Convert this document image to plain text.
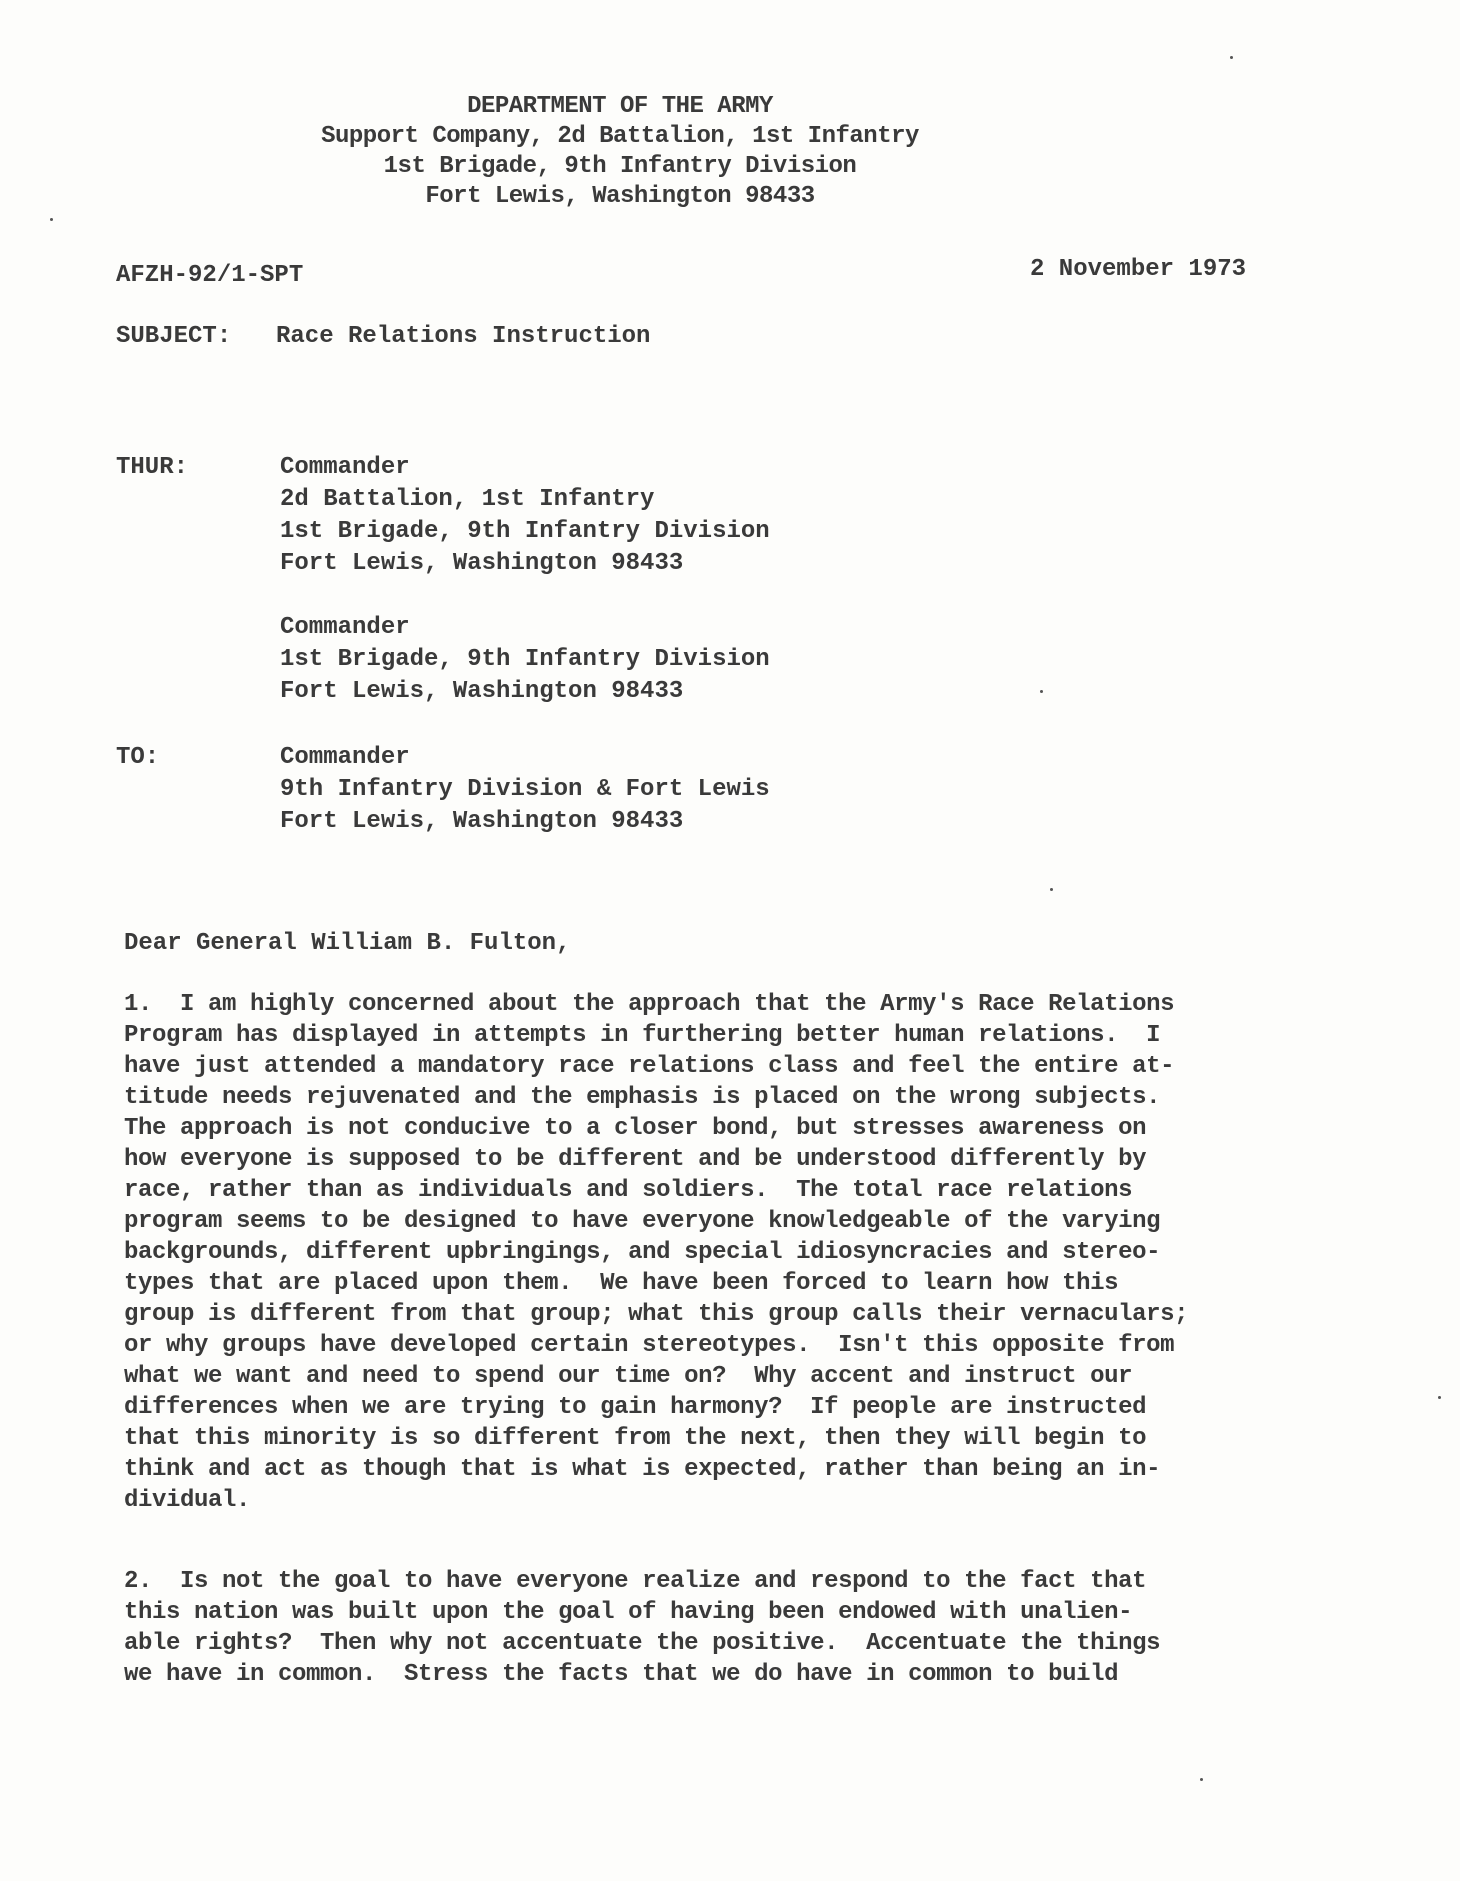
DEPARTMENT OF THE ARMY
Support Company, 2d Battalion, 1st Infantry
1st Brigade, 9th Infantry Division
Fort Lewis, Washington 98433
AFZH-92/1-SPT	2 November 1973
SUBJECT: Race Relations Instruction
THUR:	Commander
2d Battalion, 1st Infantry
1st Brigade, 9th Infantry Division
Fort Lewis, Washington 98433
Commander
1st Brigade, 9th Infantry Division
Fort Lewis, Washington 98433
TO:	Commander
9th Infantry Division & Fort Lewis
Fort Lewis, Washington 98433
Dear General William B. Fulton,
1.  I am highly concerned about the approach that the Army's Race Relations
Program has displayed in attempts in furthering better human relations.  I
have just attended a mandatory race relations class and feel the entire at-
titude needs rejuvenated and the emphasis is placed on the wrong subjects.
The approach is not conducive to a closer bond, but stresses awareness on
how everyone is supposed to be different and be understood differently by
race, rather than as individuals and soldiers.  The total race relations
program seems to be designed to have everyone knowledgeable of the varying
backgrounds, different upbringings, and special idiosyncracies and stereo-
types that are placed upon them.  We have been forced to learn how this
group is different from that group; what this group calls their vernaculars;
or why groups have developed certain stereotypes.  Isn't this opposite from
what we want and need to spend our time on?  Why accent and instruct our
differences when we are trying to gain harmony?  If people are instructed
that this minority is so different from the next, then they will begin to
think and act as though that is what is expected, rather than being an in-
dividual.
2.  Is not the goal to have everyone realize and respond to the fact that
this nation was built upon the goal of having been endowed with unalien-
able rights?  Then why not accentuate the positive.  Accentuate the things
we have in common.  Stress the facts that we do have in common to build
